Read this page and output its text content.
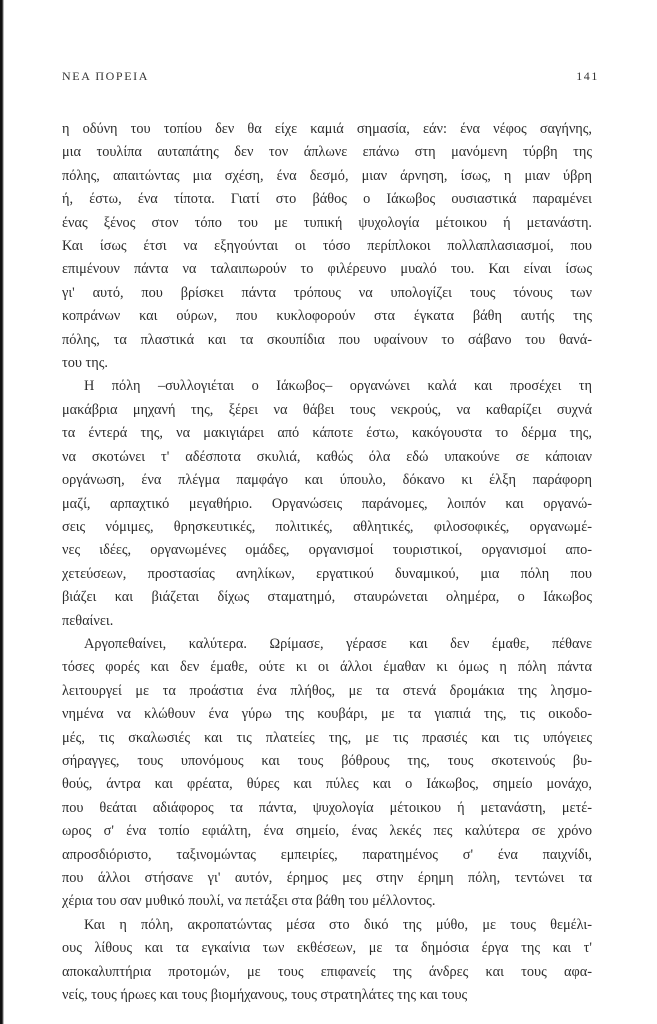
ΝΕΑ ΠΟΡΕΙΑ	141

η οδύνη του τοπίου δεν θα είχε καμιά σημασία, εάν: ένα νέφος σαγήνης,
μια τουλίπα αυταπάτης δεν τον άπλωνε επάνω στη μανόμενη τύρβη της
πόλης, απαιτώντας μια σχέση, ένα δεσμό, μιαν άρνηση, ίσως, η μιαν ύβρη
ή, έστω, ένα τίποτα. Γιατί στο βάθος ο Ιάκωβος ουσιαστικά παραμένει
ένας ξένος στον τόπο του με τυπική ψυχολογία μέτοικου ή μετανάστη.
Και ίσως έτσι να εξηγούνται οι τόσο περίπλοκοι πολλαπλασιασμοί, που
επιμένουν πάντα να ταλαιπωρούν το φιλέρευνο μυαλό του. Και είναι ίσως
γι' αυτό, που βρίσκει πάντα τρόπους να υπολογίζει τους τόνους των
κοπράνων και ούρων, που κυκλοφορούν στα έγκατα βάθη αυτής της
πόλης, τα πλαστικά και τα σκουπίδια που υφαίνουν το σάβανο του θανά-
του της.

Η πόλη –συλλογιέται ο Ιάκωβος– οργανώνει καλά και προσέχει τη
μακάβρια μηχανή της, ξέρει να θάβει τους νεκρούς, να καθαρίζει συχνά
τα έντερά της, να μακιγιάρει από κάποτε έστω, κακόγουστα το δέρμα της,
να σκοτώνει τ' αδέσποτα σκυλιά, καθώς όλα εδώ υπακούνε σε κάποιαν
οργάνωση, ένα πλέγμα παμφάγο και ύπουλο, δόκανο κι έλξη παράφορη
μαζί, αρπαχτικό μεγαθήριο. Οργανώσεις παράνομες, λοιπόν και οργανώ-
σεις νόμιμες, θρησκευτικές, πολιτικές, αθλητικές, φιλοσοφικές, οργανωμέ-
νες ιδέες, οργανωμένες ομάδες, οργανισμοί τουριστικοί, οργανισμοί απο-
χετεύσεων, προστασίας ανηλίκων, εργατικού δυναμικού, μια πόλη που
βιάζει και βιάζεται δίχως σταματημό, σταυρώνεται ολημέρα, ο Ιάκωβος
πεθαίνει.

Αργοπεθαίνει, καλύτερα. Ωρίμασε, γέρασε και δεν έμαθε, πέθανε
τόσες φορές και δεν έμαθε, ούτε κι οι άλλοι έμαθαν κι όμως η πόλη πάντα
λειτουργεί με τα προάστια ένα πλήθος, με τα στενά δρομάκια της λησμο-
νημένα να κλώθουν ένα γύρω της κουβάρι, με τα γιαπιά της, τις οικοδο-
μές, τις σκαλωσιές και τις πλατείες της, με τις πρασιές και τις υπόγειες
σήραγγες, τους υπονόμους και τους βόθρους της, τους σκοτεινούς βυ-
θούς, άντρα και φρέατα, θύρες και πύλες και ο Ιάκωβος, σημείο μονάχο,
που θεάται αδιάφορος τα πάντα, ψυχολογία μέτοικου ή μετανάστη, μετέ-
ωρος σ' ένα τοπίο εφιάλτη, ένα σημείο, ένας λεκές πες καλύτερα σε χρόνο
απροσδιόριστο, ταξινομώντας εμπειρίες, παρατημένος σ' ένα παιχνίδι,
που άλλοι στήσανε γι' αυτόν, έρημος μες στην έρημη πόλη, τεντώνει τα
χέρια του σαν μυθικό πουλί, να πετάξει στα βάθη του μέλλοντος.

Και η πόλη, ακροπατώντας μέσα στο δικό της μύθο, με τους θεμέλι-
ους λίθους και τα εγκαίνια των εκθέσεων, με τα δημόσια έργα της και τ'
αποκαλυπτήρια προτομών, με τους επιφανείς της άνδρες και τους αφα-
νείς, τους ήρωες και τους βιομήχανους, τους στρατηλάτες της και τους
